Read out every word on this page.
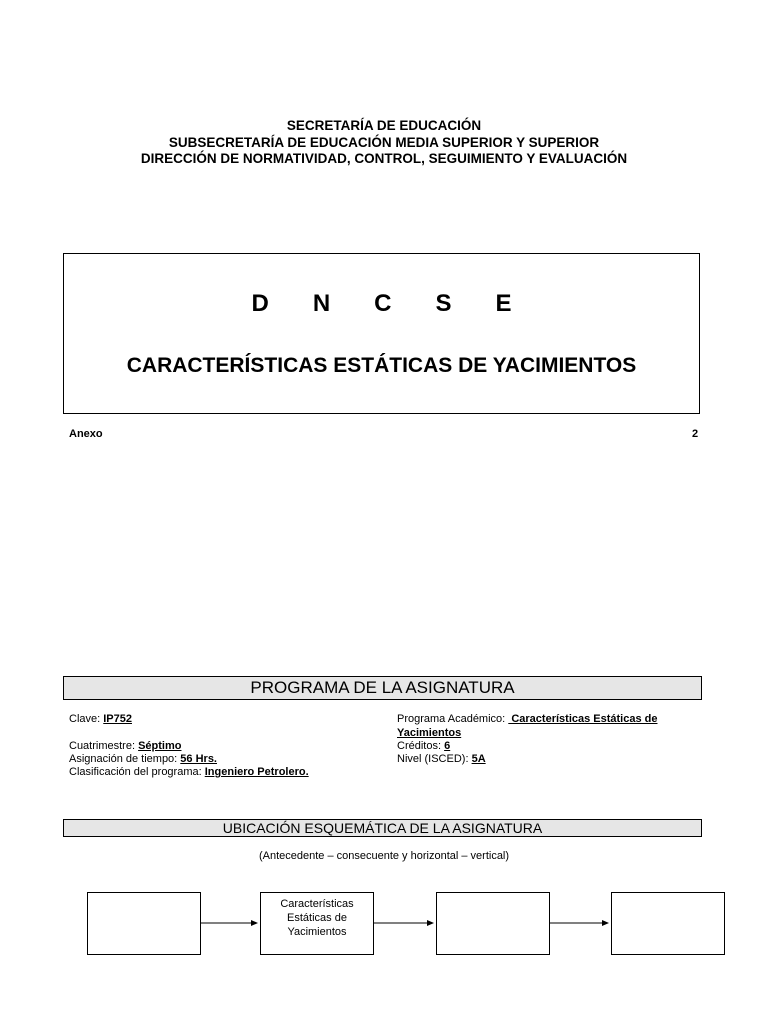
SECRETARÍA DE EDUCACIÓN
SUBSECRETARÍA DE EDUCACIÓN MEDIA SUPERIOR Y SUPERIOR
DIRECCIÓN DE NORMATIVIDAD, CONTROL, SEGUIMIENTO Y EVALUACIÓN
D N C S E
CARACTERÍSTICAS ESTÁTICAS DE YACIMIENTOS
Anexo	2
PROGRAMA DE LA ASIGNATURA
Clave: IP752
Cuatrimestre: Séptimo
Asignación de tiempo: 56 Hrs.
Clasificación del programa: Ingeniero Petrolero.
Programa Académico:  Características Estáticas de
Yacimientos
Créditos: 6
Nivel (ISCED): 5A
UBICACIÓN ESQUEMÁTICA DE LA ASIGNATURA
(Antecedente – consecuente y horizontal – vertical)
Características
Estáticas de
Yacimientos
